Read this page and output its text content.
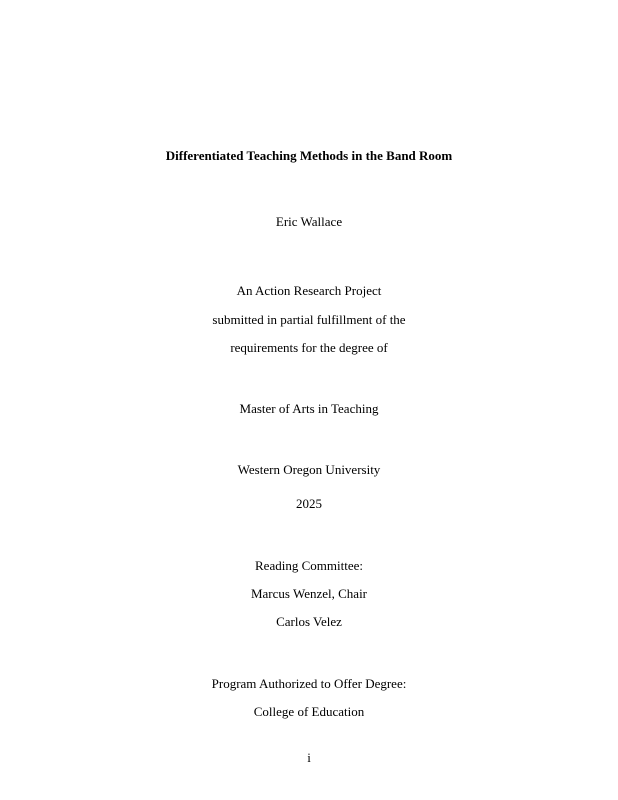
Differentiated Teaching Methods in the Band Room
Eric Wallace
An Action Research Project
submitted in partial fulfillment of the
requirements for the degree of
Master of Arts in Teaching
Western Oregon University
2025
Reading Committee:
Marcus Wenzel, Chair
Carlos Velez
Program Authorized to Offer Degree:
College of Education
i
